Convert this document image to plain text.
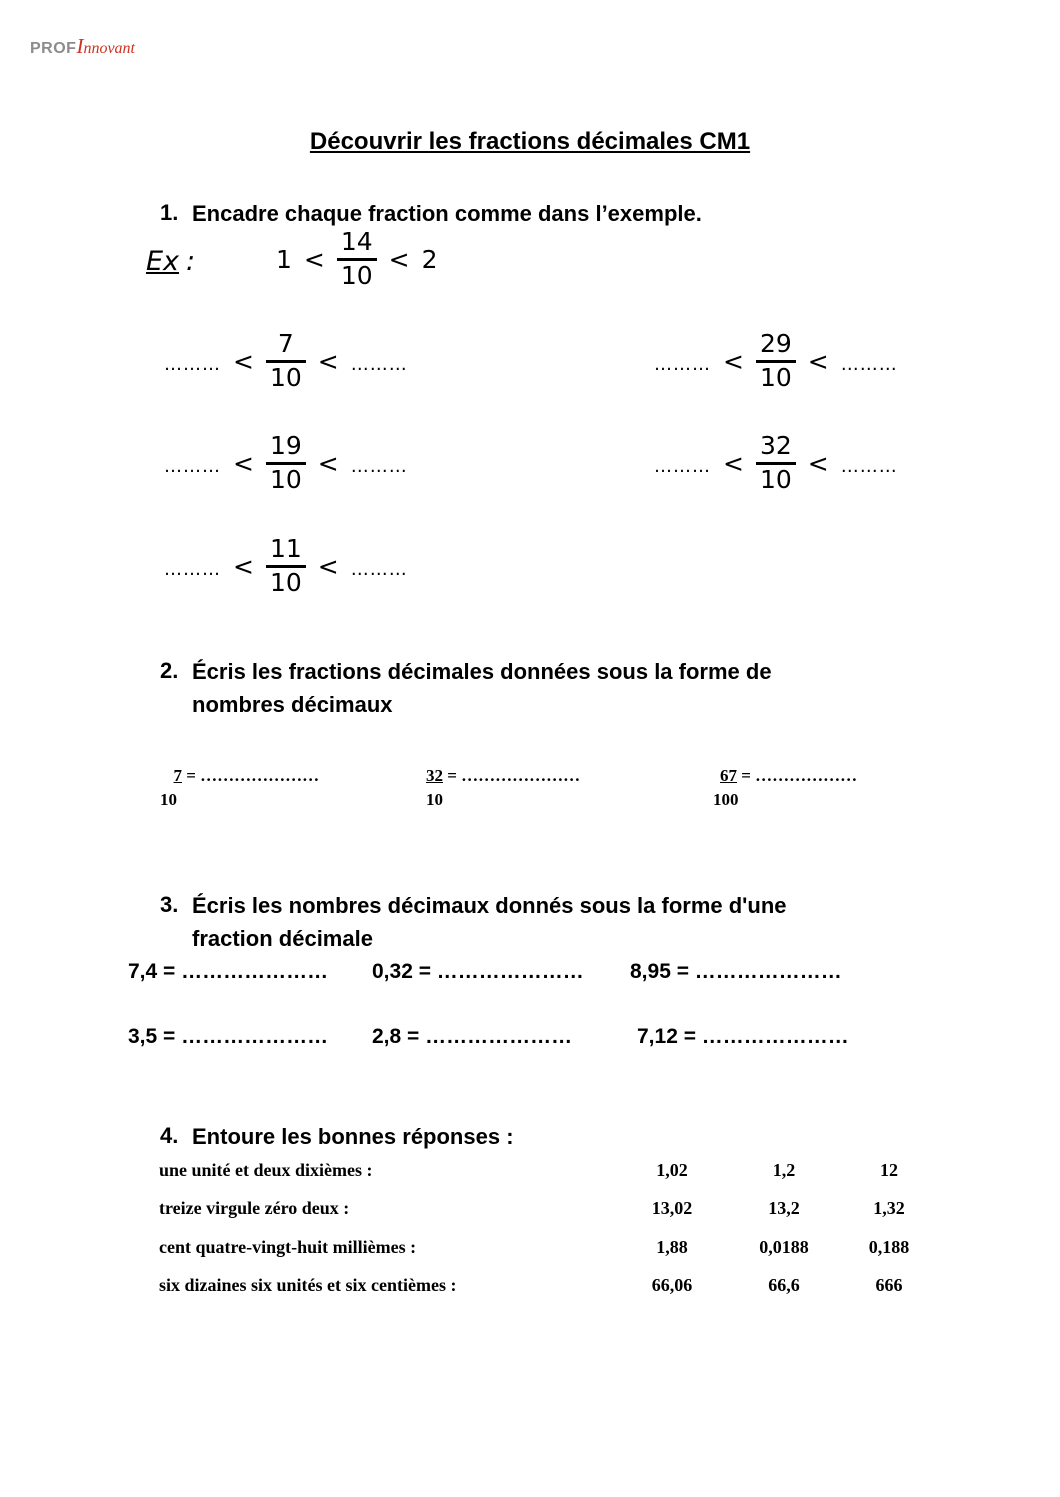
PROFInnovant
Découvrir les fractions décimales CM1
1. Encadre chaque fraction comme dans l’exemple.
Ex :	$1 < \frac{14}{10} < 2$
……… < $\frac{7}{10}$ < ………	……… < $\frac{29}{10}$ < ………
……… < $\frac{19}{10}$ < ………	……… < $\frac{32}{10}$ < ………
……… < $\frac{11}{10}$ < ………
2. Écris les fractions décimales données sous la forme de
nombres décimaux
7 = …………………
10
32 = …………………
10
67 = ………………
100
3. Écris les nombres décimaux donnés sous la forme d'une
fraction décimale
7,4 = ………………… 0,32 = ………………… 8,95 = …………………
3,5 = ………………… 2,8 = …………………	7,12 = …………………
4. Entoure les bonnes réponses :
une unité et deux dixièmes :	1,02	1,2	12
treize virgule zéro deux :	13,02	13,2	1,32
cent quatre-vingt-huit millièmes :	1,88	0,0188	0,188
six dizaines six unités et six centièmes :	66,06	66,6	666
